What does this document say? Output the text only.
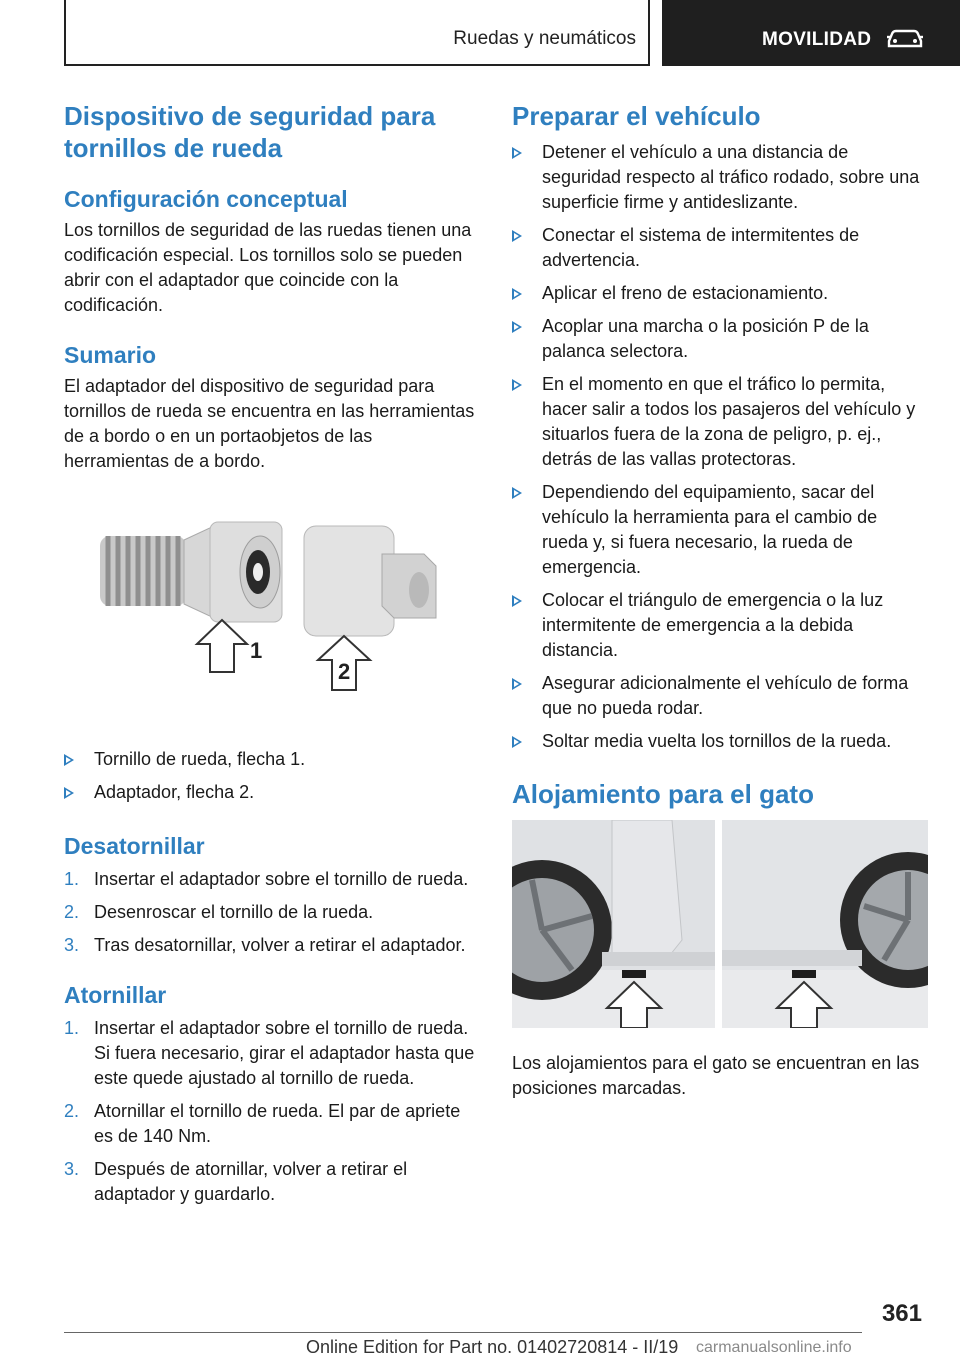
Ruedas y neumáticos	MOVILIDAD
Dispositivo de seguridad para tornillos de rueda
Configuración conceptual

Los tornillos de seguridad de las ruedas tienen una codificación especial. Los tornillos solo se pueden abrir con el adaptador que coincide con la codificación.

Sumario

El adaptador del dispositivo de seguridad para tornillos de rueda se encuentra en las herramientas de a bordo o en un portaobjetos de las herramientas de a bordo.

1
2
Tornillo de rueda, flecha 1.
Adaptador, flecha 2.
Desatornillar
1. Insertar el adaptador sobre el tornillo de rueda.
2. Desenroscar el tornillo de la rueda.
3. Tras desatornillar, volver a retirar el adaptador.
Atornillar
1. Insertar el adaptador sobre el tornillo de rueda. Si fuera necesario, girar el adaptador hasta que este quede ajustado al tornillo de rueda.
2. Atornillar el tornillo de rueda. El par de apriete es de 140 Nm.
3. Después de atornillar, volver a retirar el adaptador y guardarlo.
Preparar el vehículo
Detener el vehículo a una distancia de seguridad respecto al tráfico rodado, sobre una superficie firme y antideslizante.
Conectar el sistema de intermitentes de advertencia.
Aplicar el freno de estacionamiento.
Acoplar una marcha o la posición P de la palanca selectora.
En el momento en que el tráfico lo permita, hacer salir a todos los pasajeros del vehículo y situarlos fuera de la zona de peligro, p. ej., detrás de las vallas protectoras.
Dependiendo del equipamiento, sacar del vehículo la herramienta para el cambio de rueda y, si fuera necesario, la rueda de emergencia.
Colocar el triángulo de emergencia o la luz intermitente de emergencia a la debida distancia.
Asegurar adicionalmente el vehículo de forma que no pueda rodar.
Soltar media vuelta los tornillos de la rueda.
Alojamiento para el gato

Los alojamientos para el gato se encuentran en las posiciones marcadas.

361
Online Edition for Part no. 01402720814 - II/19 carmanualsonline.info
